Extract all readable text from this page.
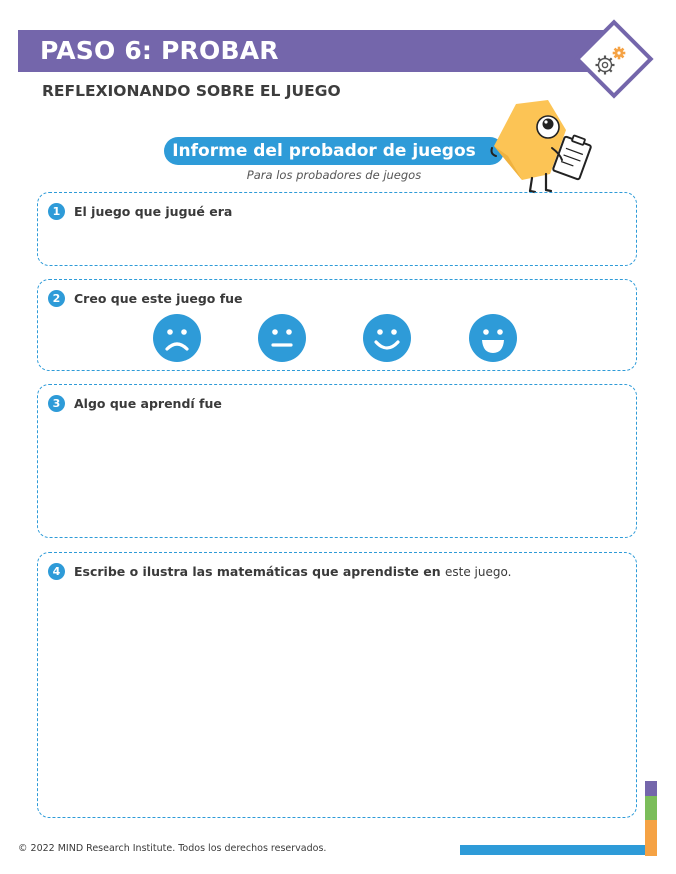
PASO 6: PROBAR
REFLEXIONANDO SOBRE EL JUEGO
Informe del probador de juegos
Para los probadores de juegos
1	El juego que jugué era
2	Creo que este juego fue
3	Algo que aprendí fue
4	Escribe o ilustra las matemáticas que aprendiste en este juego.
© 2022 MIND Research Institute. Todos los derechos reservados.
